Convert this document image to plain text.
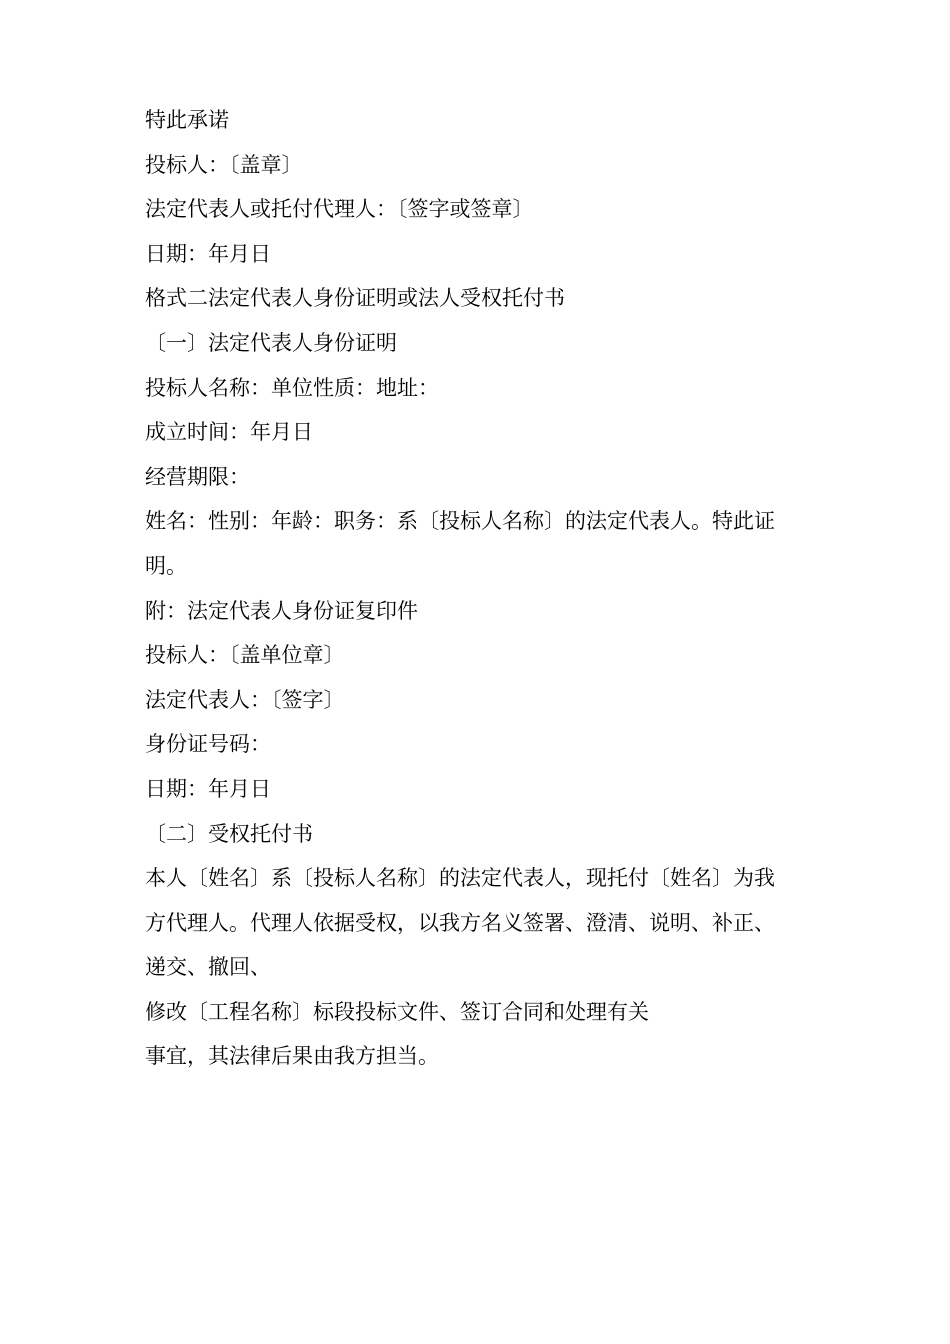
特此承诺

投标人：〔盖章〕

法定代表人或托付代理人：〔签字或签章〕

日期：年月日

格式二法定代表人身份证明或法人受权托付书

〔一〕法定代表人身份证明

投标人名称：单位性质：地址：

成立时间：年月日

经营期限：

姓名：性别：年龄：职务：系〔投标人名称〕的法定代表人。特此证

明。

附：法定代表人身份证复印件

投标人：〔盖单位章〕

法定代表人：〔签字〕

身份证号码：

日期：年月日

〔二〕受权托付书

本人〔姓名〕系〔投标人名称〕的法定代表人，现托付〔姓名〕为我

方代理人。代理人依据受权，以我方名义签署、澄清、说明、补正、

递交、撤回、

修改〔工程名称〕标段投标文件、签订合同和处理有关

事宜，其法律后果由我方担当。
